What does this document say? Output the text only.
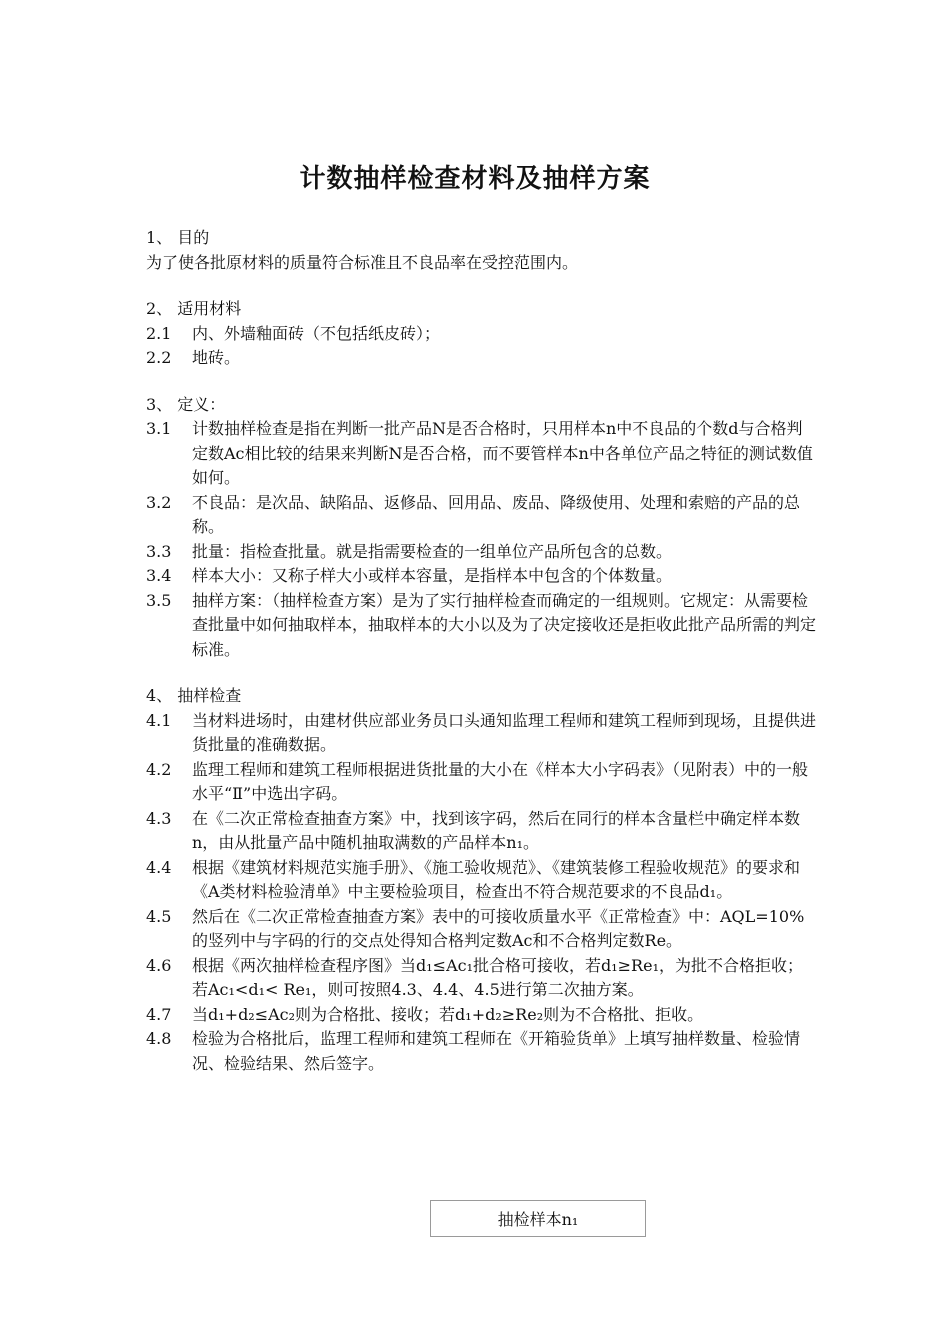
计数抽样检查材料及抽样方案
1、 目的
为了使各批原材料的质量符合标准且不良品率在受控范围内。
2、 适用材料
2.1	内、外墙釉面砖（不包括纸皮砖）；
2.2	地砖。
3、 定义：
3.1	计数抽样检查是指在判断一批产品N是否合格时，只用样本n中不良品的个数d与合格判定数Ac相比较的结果来判断N是否合格，而不要管样本n中各单位产品之特征的测试数值如何。
3.2	不良品：是次品、缺陷品、返修品、回用品、废品、降级使用、处理和索赔的产品的总称。
3.3	批量：指检查批量。就是指需要检查的一组单位产品所包含的总数。
3.4	样本大小：又称子样大小或样本容量，是指样本中包含的个体数量。
3.5	抽样方案：（抽样检查方案）是为了实行抽样检查而确定的一组规则。它规定：从需要检查批量中如何抽取样本，抽取样本的大小以及为了决定接收还是拒收此批产品所需的判定标准。
4、 抽样检查
4.1	当材料进场时，由建材供应部业务员口头通知监理工程师和建筑工程师到现场，且提供进货批量的准确数据。
4.2	监理工程师和建筑工程师根据进货批量的大小在《样本大小字码表》（见附表）中的一般水平“Ⅱ”中选出字码。
4.3	在《二次正常检查抽查方案》中，找到该字码，然后在同行的样本含量栏中确定样本数n，由从批量产品中随机抽取满数的产品样本n₁。
4.4	根据《建筑材料规范实施手册》、《施工验收规范》、《建筑装修工程验收规范》的要求和《A类材料检验清单》中主要检验项目，检查出不符合规范要求的不良品d₁。
4.5	然后在《二次正常检查抽查方案》表中的可接收质量水平《正常检查》中：AQL=10%的竖列中与字码的行的交点处得知合格判定数Ac和不合格判定数Re。
4.6	根据《两次抽样检查程序图》当d₁≤Ac₁批合格可接收，若d₁≥Re₁，为批不合格拒收；若Ac₁<d₁< Re₁，则可按照4.3、4.4、4.5进行第二次抽方案。
4.7	当d₁+d₂≤Ac₂则为合格批、接收；若d₁+d₂≥Re₂则为不合格批、拒收。
4.8	检验为合格批后，监理工程师和建筑工程师在《开箱验货单》上填写抽样数量、检验情况、检验结果、然后签字。
抽检样本n₁
